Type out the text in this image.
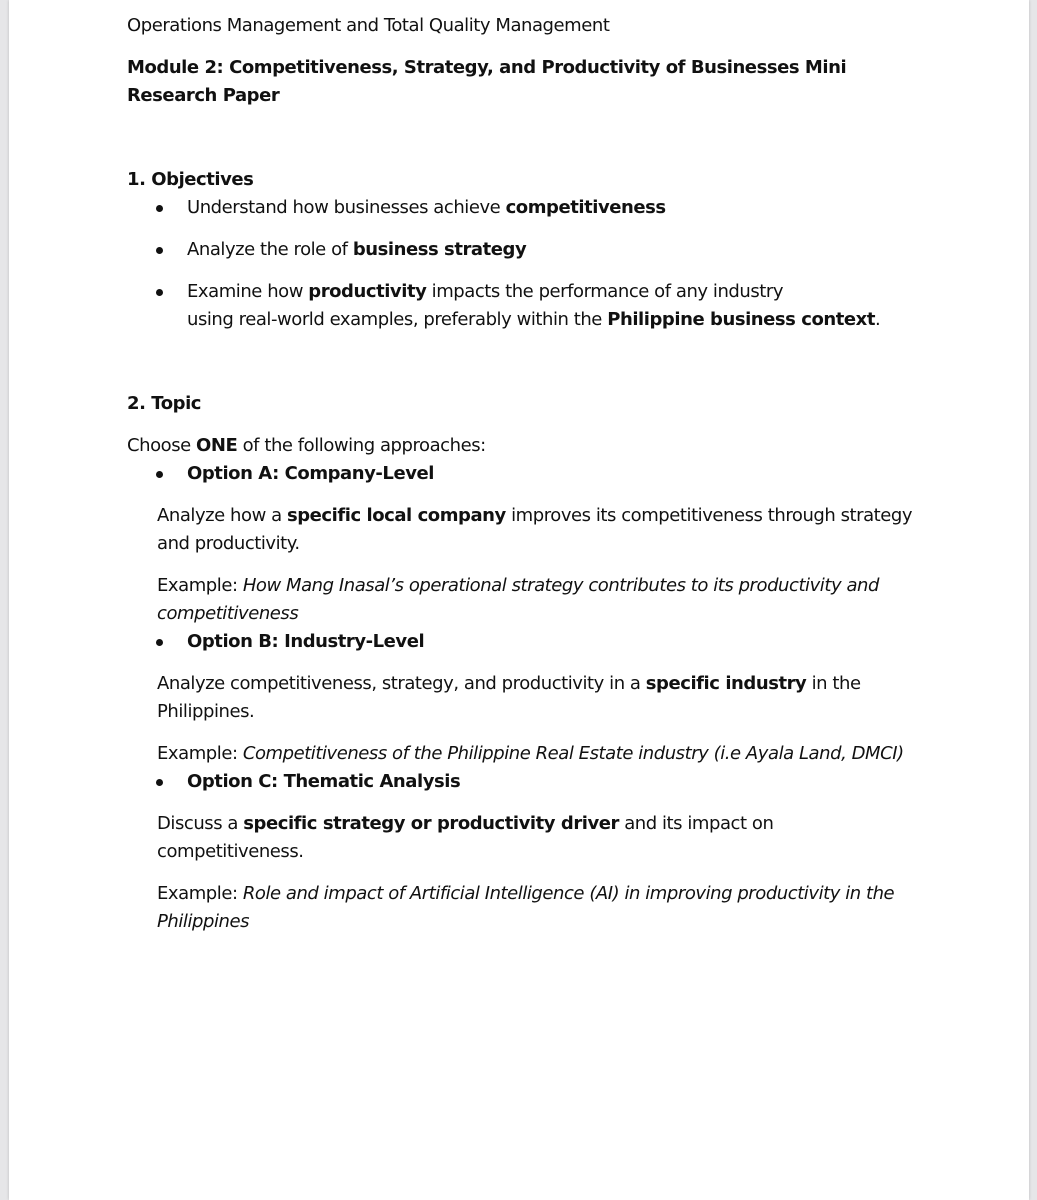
Operations Management and Total Quality Management

Module 2: Competitiveness, Strategy, and Productivity of Businesses Mini Research Paper

1. Objectives

Understand how businesses achieve competitiveness
Analyze the role of business strategy
Examine how productivity impacts the performance of any industry
using real-world examples, preferably within the Philippine business context.

2. Topic

Choose ONE of the following approaches:

Option A: Company-Level

Analyze how a specific local company improves its competitiveness through strategy and productivity.

Example: How Mang Inasal’s operational strategy contributes to its productivity and competitiveness

Option B: Industry-Level

Analyze competitiveness, strategy, and productivity in a specific industry in the Philippines.

Example: Competitiveness of the Philippine Real Estate industry (i.e Ayala Land, DMCI)

Option C: Thematic Analysis

Discuss a specific strategy or productivity driver and its impact on competitiveness.

Example: Role and impact of Artificial Intelligence (AI) in improving productivity in the Philippines
